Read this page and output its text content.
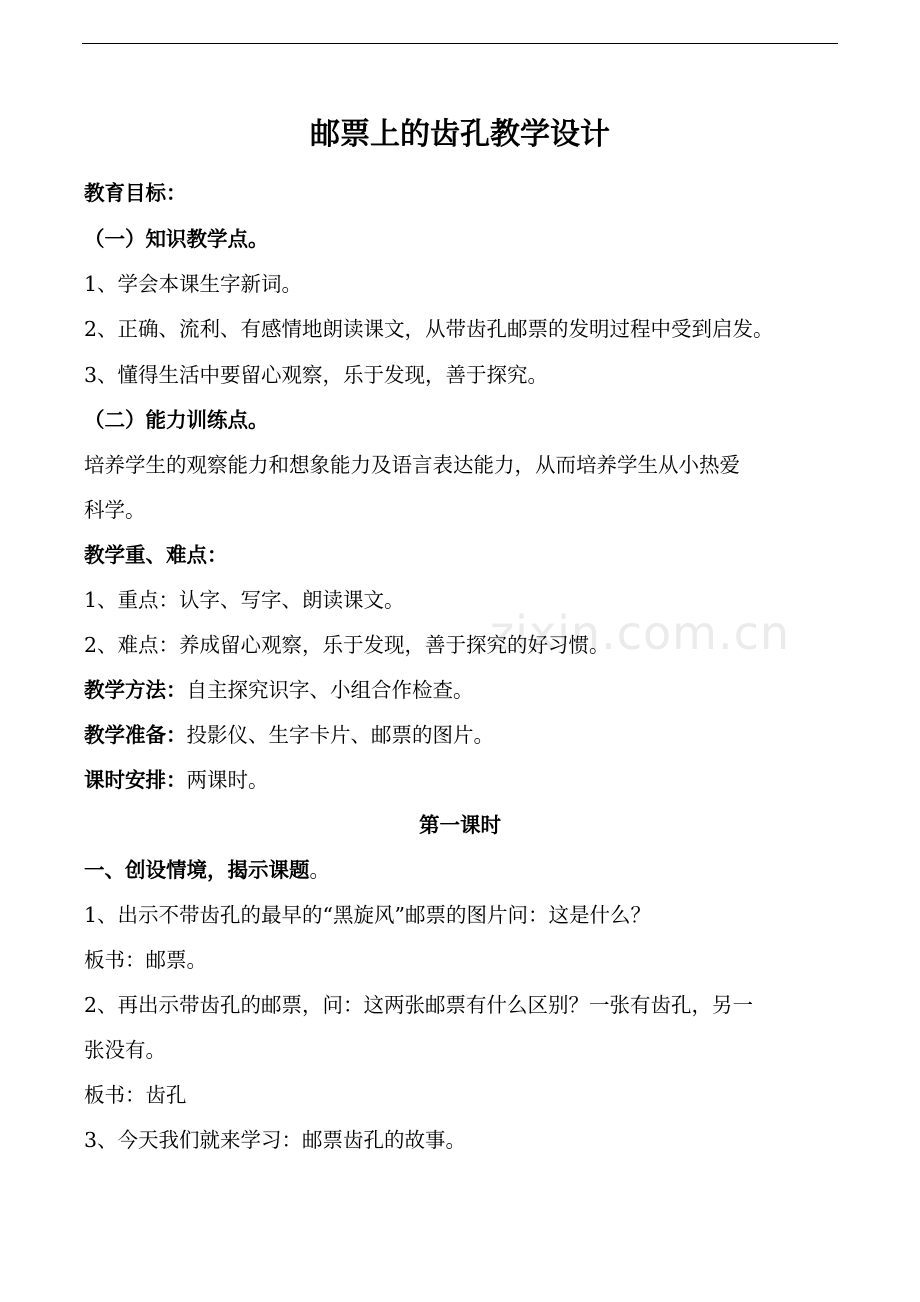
zixin.com.cn
邮票上的齿孔教学设计
教育目标：
（一）知识教学点。
1、学会本课生字新词。
2、正确、流利、有感情地朗读课文，从带齿孔邮票的发明过程中受到启发。
3、懂得生活中要留心观察，乐于发现，善于探究。
（二）能力训练点。
培养学生的观察能力和想象能力及语言表达能力，从而培养学生从小热爱
科学。
教学重、难点：
1、重点：认字、写字、朗读课文。
2、难点：养成留心观察，乐于发现，善于探究的好习惯。
教学方法：自主探究识字、小组合作检查。
教学准备：投影仪、生字卡片、邮票的图片。
课时安排：两课时。
第一课时
一、创设情境，揭示课题。
1、出示不带齿孔的最早的“黑旋风”邮票的图片问：这是什么？
板书：邮票。
2、再出示带齿孔的邮票，问：这两张邮票有什么区别？一张有齿孔，另一
张没有。
板书：齿孔
3、今天我们就来学习：邮票齿孔的故事。
